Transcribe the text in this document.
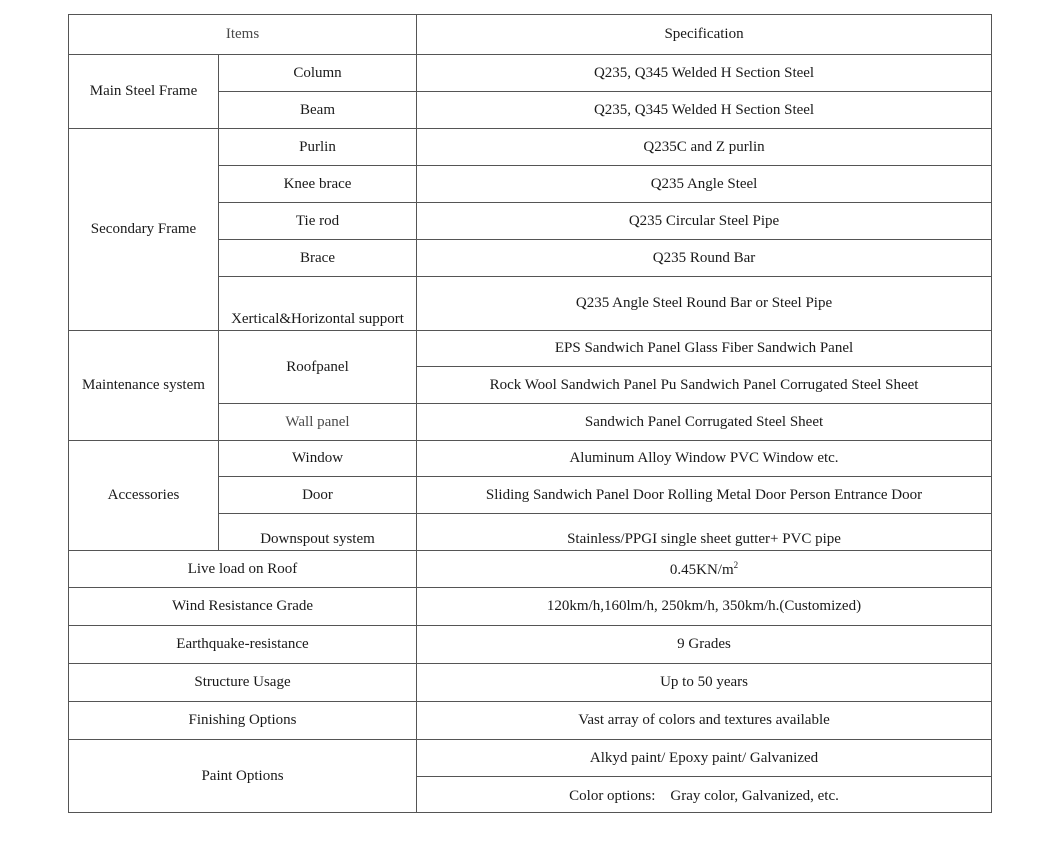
Items		Specification
Main Steel Frame	Column	Q235, Q345 Welded H Section Steel
	Beam	Q235, Q345 Welded H Section Steel
Secondary Frame	Purlin	Q235C and Z purlin
	Knee brace	Q235 Angle Steel
	Tie rod	Q235 Circular Steel Pipe
	Brace	Q235 Round Bar
	Xertical&Horizontal support	Q235 Angle Steel Round Bar or Steel Pipe
Maintenance system	Roofpanel	EPS Sandwich Panel Glass Fiber Sandwich Panel
		Rock Wool Sandwich Panel Pu Sandwich Panel Corrugated Steel Sheet
	Wall panel	Sandwich Panel Corrugated Steel Sheet
Accessories	Window	Aluminum Alloy Window PVC Window etc.
	Door	Sliding Sandwich Panel Door Rolling Metal Door Person Entrance Door
	Downspout system	Stainless/PPGI single sheet gutter+ PVC pipe
Live load on Roof		$0.45KN/m^2$
Wind Resistance Grade		120km/h,160lm/h, 250km/h, 350km/h.(Customized)
Earthquake-resistance		9 Grades
Structure Usage		Up to 50 years
Finishing Options		Vast array of colors and textures available
Paint Options		Alkyd paint/ Epoxy paint/ Galvanized
		Color options:　Gray color, Galvanized, etc.
